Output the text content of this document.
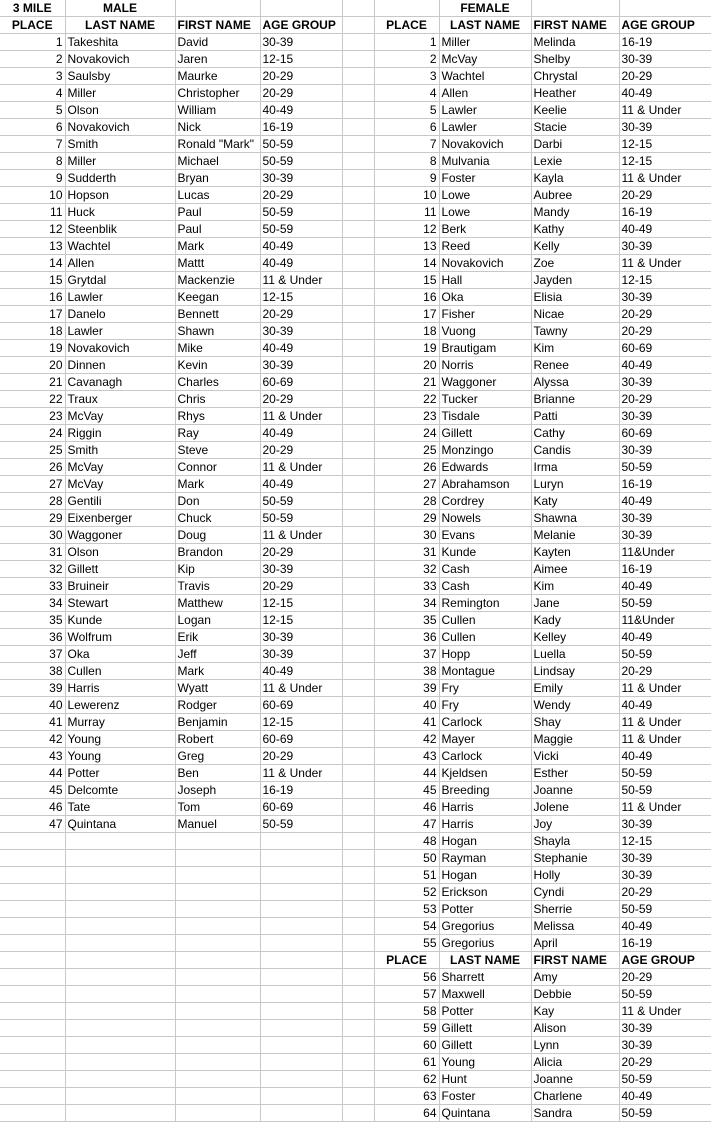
3 MILE	MALE					FEMALE		
PLACE	LAST NAME	FIRST NAME	AGE GROUP		PLACE	LAST NAME	FIRST NAME	AGE GROUP
1	Takeshita	David	30-39		1	Miller	Melinda	16-19
2	Novakovich	Jaren	12-15		2	McVay	Shelby	30-39
3	Saulsby	Maurke	20-29		3	Wachtel	Chrystal	20-29
4	Miller	Christopher	20-29		4	Allen	Heather	40-49
5	Olson	William	40-49		5	Lawler	Keelie	11 & Under
6	Novakovich	Nick	16-19		6	Lawler	Stacie	30-39
7	Smith	Ronald "Mark"	50-59		7	Novakovich	Darbi	12-15
8	Miller	Michael	50-59		8	Mulvania	Lexie	12-15
9	Sudderth	Bryan	30-39		9	Foster	Kayla	11 & Under
10	Hopson	Lucas	20-29		10	Lowe	Aubree	20-29
11	Huck	Paul	50-59		11	Lowe	Mandy	16-19
12	Steenblik	Paul	50-59		12	Berk	Kathy	40-49
13	Wachtel	Mark	40-49		13	Reed	Kelly	30-39
14	Allen	Mattt	40-49		14	Novakovich	Zoe	11 & Under
15	Grytdal	Mackenzie	11 & Under		15	Hall	Jayden	12-15
16	Lawler	Keegan	12-15		16	Oka	Elisia	30-39
17	Danelo	Bennett	20-29		17	Fisher	Nicae	20-29
18	Lawler	Shawn	30-39		18	Vuong	Tawny	20-29
19	Novakovich	Mike	40-49		19	Brautigam	Kim	60-69
20	Dinnen	Kevin	30-39		20	Norris	Renee	40-49
21	Cavanagh	Charles	60-69		21	Waggoner	Alyssa	30-39
22	Traux	Chris	20-29		22	Tucker	Brianne	20-29
23	McVay	Rhys	11 & Under		23	Tisdale	Patti	30-39
24	Riggin	Ray	40-49		24	Gillett	Cathy	60-69
25	Smith	Steve	20-29		25	Monzingo	Candis	30-39
26	McVay	Connor	11 & Under		26	Edwards	Irma	50-59
27	McVay	Mark	40-49		27	Abrahamson	Luryn	16-19
28	Gentili	Don	50-59		28	Cordrey	Katy	40-49
29	Eixenberger	Chuck	50-59		29	Nowels	Shawna	30-39
30	Waggoner	Doug	11 & Under		30	Evans	Melanie	30-39
31	Olson	Brandon	20-29		31	Kunde	Kayten	11&Under
32	Gillett	Kip	30-39		32	Cash	Aimee	16-19
33	Bruineir	Travis	20-29		33	Cash	Kim	40-49
34	Stewart	Matthew	12-15		34	Remington	Jane	50-59
35	Kunde	Logan	12-15		35	Cullen	Kady	11&Under
36	Wolfrum	Erik	30-39		36	Cullen	Kelley	40-49
37	Oka	Jeff	30-39		37	Hopp	Luella	50-59
38	Cullen	Mark	40-49		38	Montague	Lindsay	20-29
39	Harris	Wyatt	11 & Under		39	Fry	Emily	11 & Under
40	Lewerenz	Rodger	60-69		40	Fry	Wendy	40-49
41	Murray	Benjamin	12-15		41	Carlock	Shay	11 & Under
42	Young	Robert	60-69		42	Mayer	Maggie	11 & Under
43	Young	Greg	20-29		43	Carlock	Vicki	40-49
44	Potter	Ben	11 & Under		44	Kjeldsen	Esther	50-59
45	Delcomte	Joseph	16-19		45	Breeding	Joanne	50-59
46	Tate	Tom	60-69		46	Harris	Jolene	11 & Under
47	Quintana	Manuel	50-59		47	Harris	Joy	30-39
					48	Hogan	Shayla	12-15
					50	Rayman	Stephanie	30-39
					51	Hogan	Holly	30-39
					52	Erickson	Cyndi	20-29
					53	Potter	Sherrie	50-59
					54	Gregorius	Melissa	40-49
					55	Gregorius	April	16-19
					PLACE	LAST NAME	FIRST NAME	AGE GROUP
					56	Sharrett	Amy	20-29
					57	Maxwell	Debbie	50-59
					58	Potter	Kay	11 & Under
					59	Gillett	Alison	30-39
					60	Gillett	Lynn	30-39
					61	Young	Alicia	20-29
					62	Hunt	Joanne	50-59
					63	Foster	Charlene	40-49
					64	Quintana	Sandra	50-59
